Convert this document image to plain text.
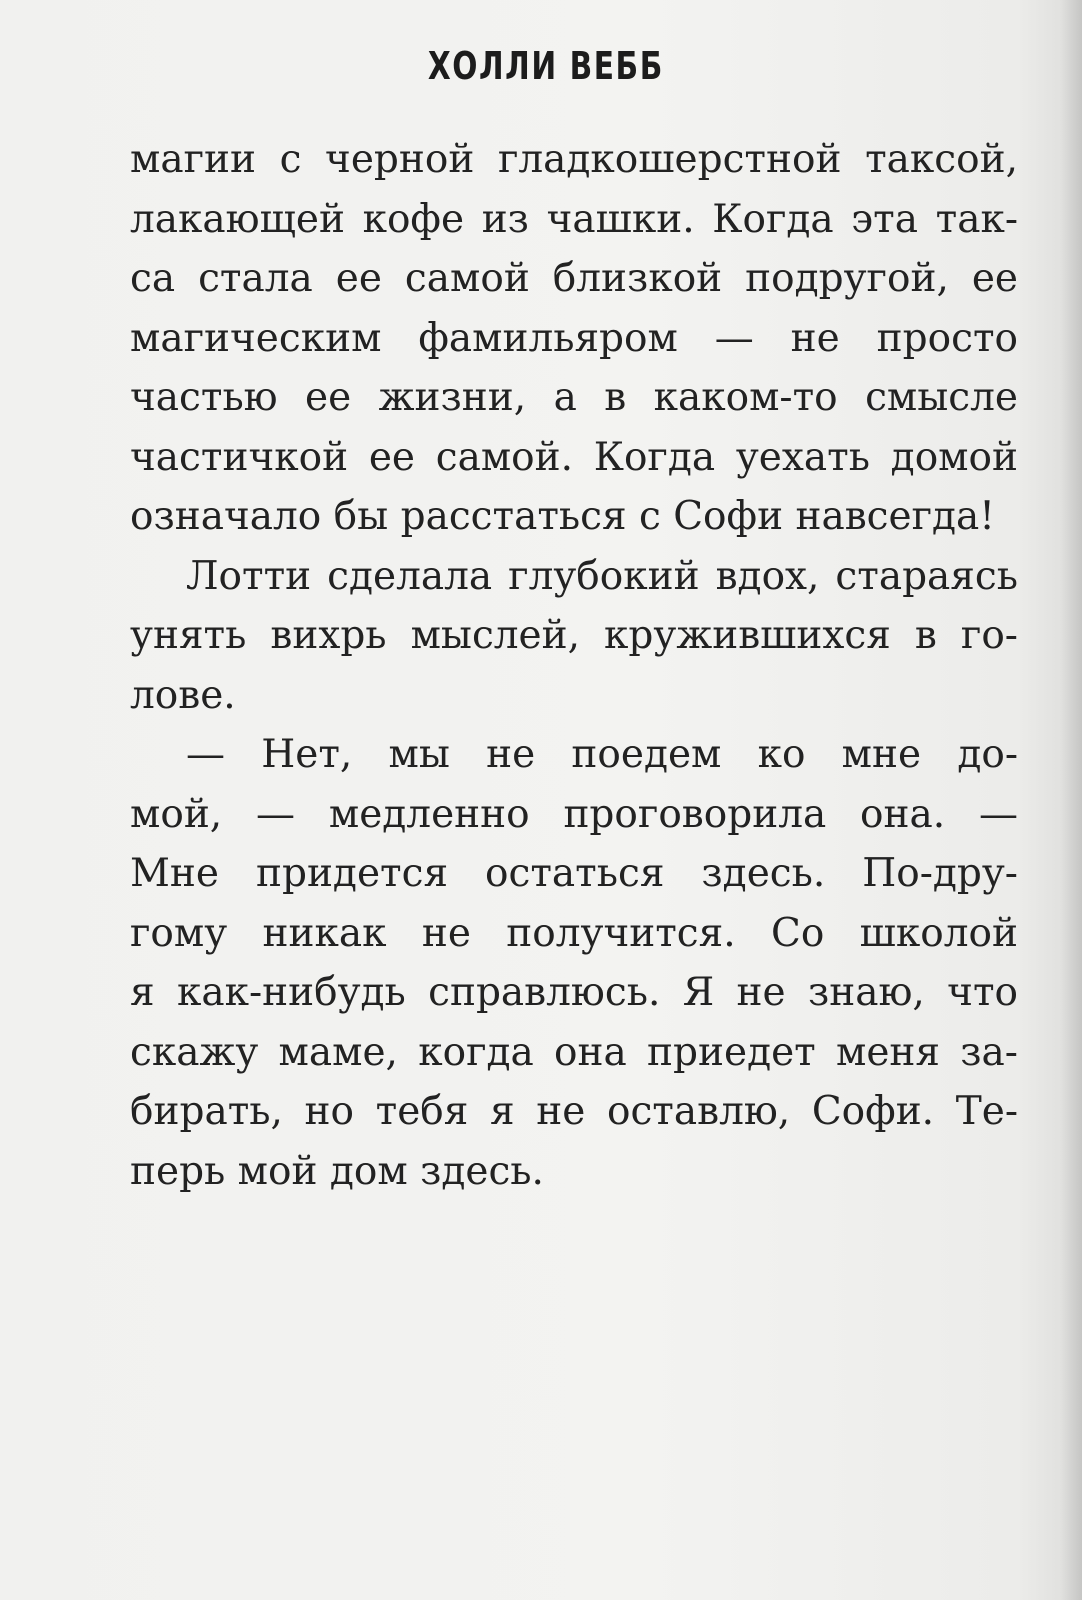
ХОЛЛИ ВЕББ
магии с черной гладкошерстной таксой,
лакающей кофе из чашки. Когда эта так-
са стала ее самой близкой подругой, ее
магическим фамильяром — не просто
частью ее жизни, а в каком-то смысле
частичкой ее самой. Когда уехать домой
означало бы расстаться с Софи навсегда!
Лотти сделала глубокий вдох, стараясь
унять вихрь мыслей, кружившихся в го-
лове.
— Нет, мы не поедем ко мне до-
мой, — медленно проговорила она. —
Мне придется остаться здесь. По-дру-
гому никак не получится. Со школой
я как-нибудь справлюсь. Я не знаю, что
скажу маме, когда она приедет меня за-
бирать, но тебя я не оставлю, Софи. Те-
перь мой дом здесь.
